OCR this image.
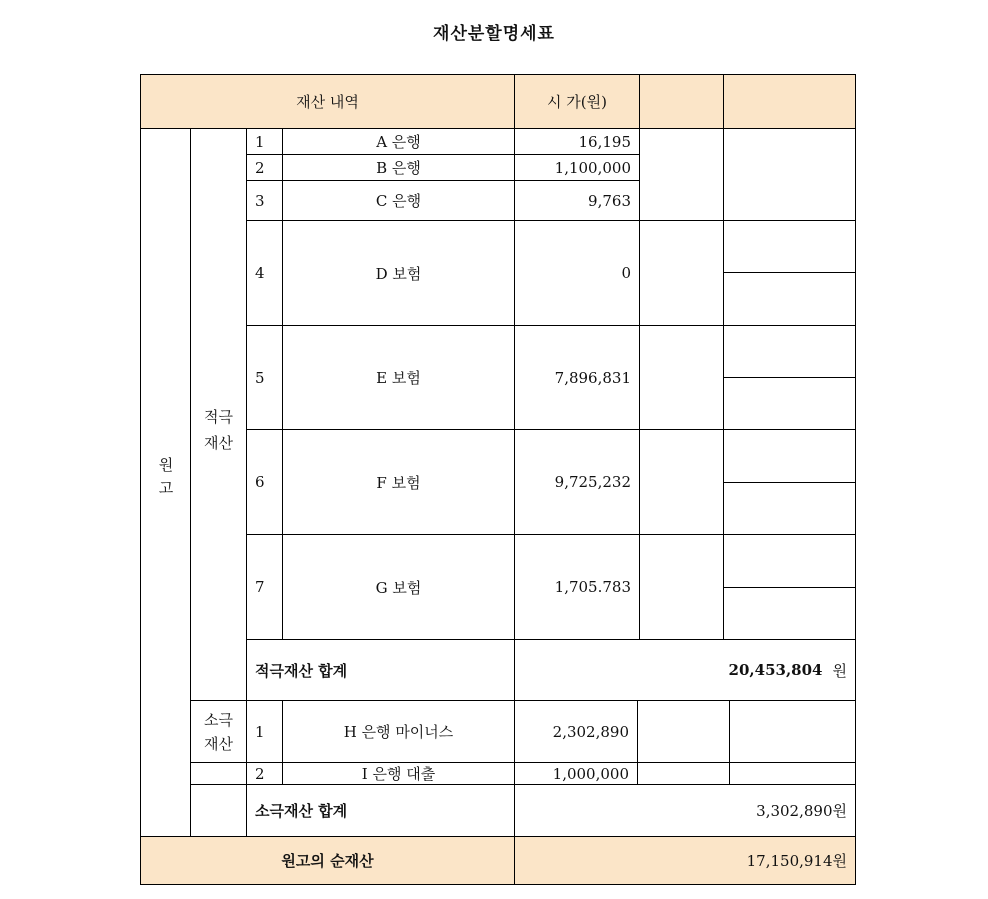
재산분할명세표
재산 내역	시 가(원)
원고
적극재산
1	A 은행	16,195
2	B 은행	1,100,000
3	C 은행	9,763
4	D 보험	0
5	E 보험	7,896,831
6	F 보험	9,725,232
7	G 보험	1,705.783
적극재산 합계	20,453,804 원
소극재산
1	H 은행 마이너스	2,302,890
2	I 은행 대출	1,000,000
소극재산 합계	3,302,890원
원고의 순재산	17,150,914원
